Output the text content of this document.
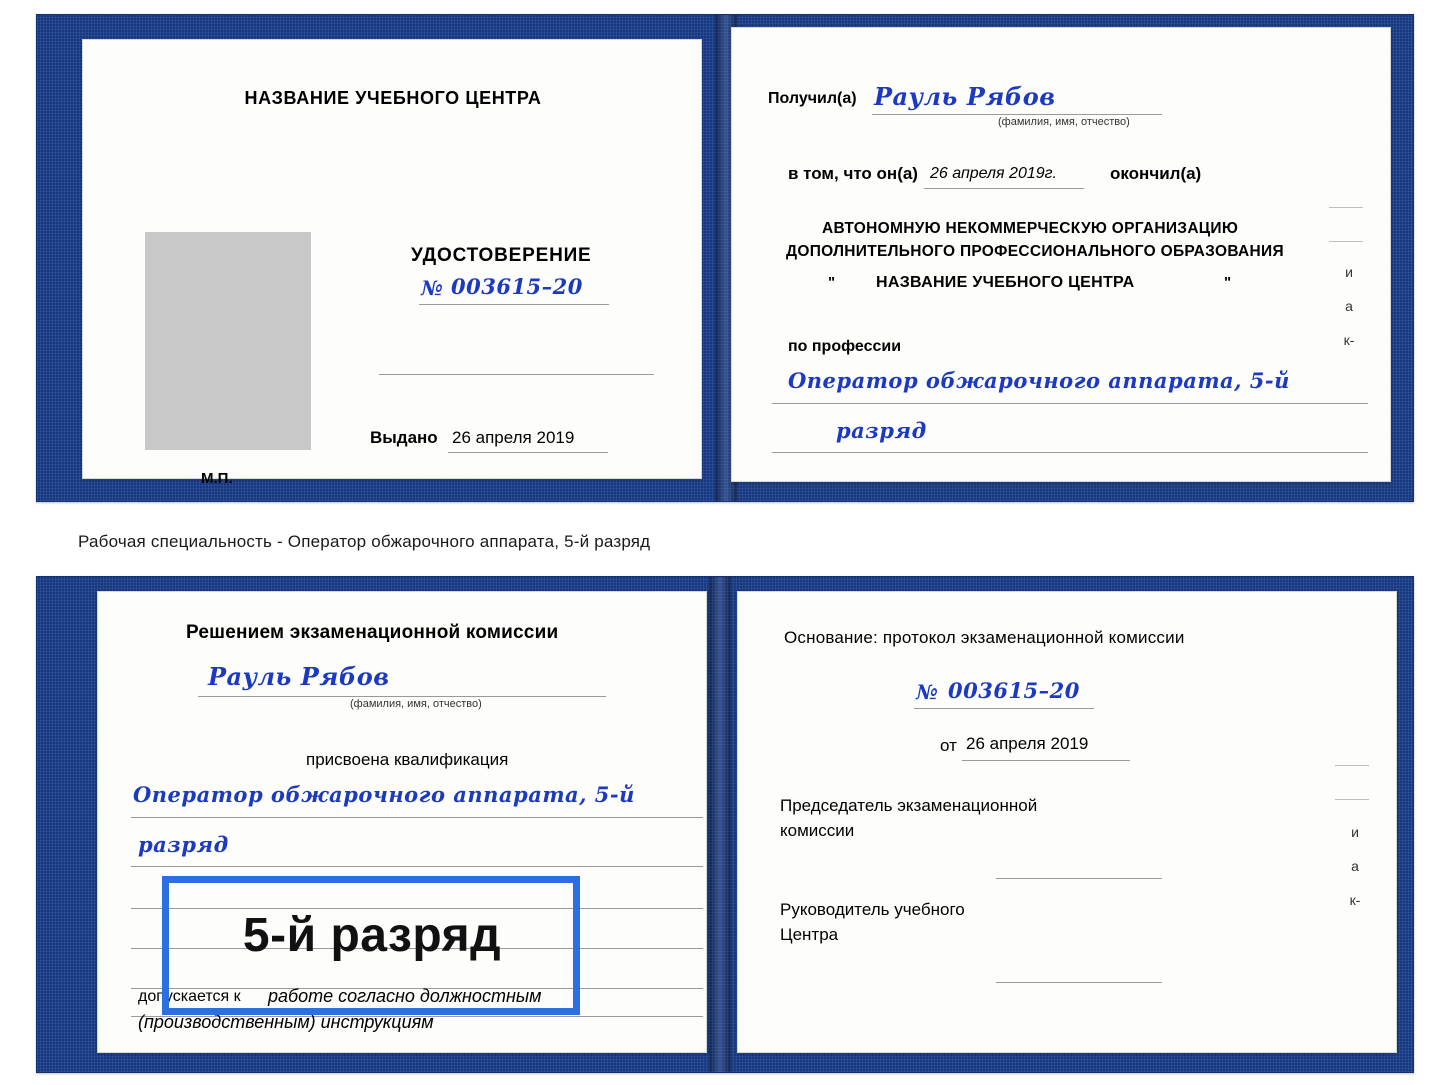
НАЗВАНИЕ УЧЕБНОГО ЦЕНТРА
УДОСТОВЕРЕНИЕ
№ 003615–20
Выдано 26 апреля 2019
М.П.
Получил(а) Рауль Рябов
(фамилия, имя, отчество)
в том, что он(а) 26 апреля 2019г.	окончил(а)
АВТОНОМНУЮ НЕКОММЕРЧЕСКУЮ ОРГАНИЗАЦИЮ
ДОПОЛНИТЕЛЬНОГО ПРОФЕССИОНАЛЬНОГО ОБРАЗОВАНИЯ
"	НАЗВАНИЕ УЧЕБНОГО ЦЕНТРА	"
по профессии
Оператор обжарочного аппарата, 5-й
разряд
и
а
к-
Рабочая специальность - Оператор обжарочного аппарата, 5-й разряд
Решением экзаменационной комиссии
Рауль Рябов
(фамилия, имя, отчество)
присвоена квалификация
Оператор обжарочного аппарата, 5-й
разряд
допускается к работе согласно должностным
(производственным) инструкциям
Основание: протокол экзаменационной комиссии
№ 003615–20
от 26 апреля 2019
Председатель экзаменационной
комиссии
Руководитель учебного
Центра
и
а
к-
5-й разряд
